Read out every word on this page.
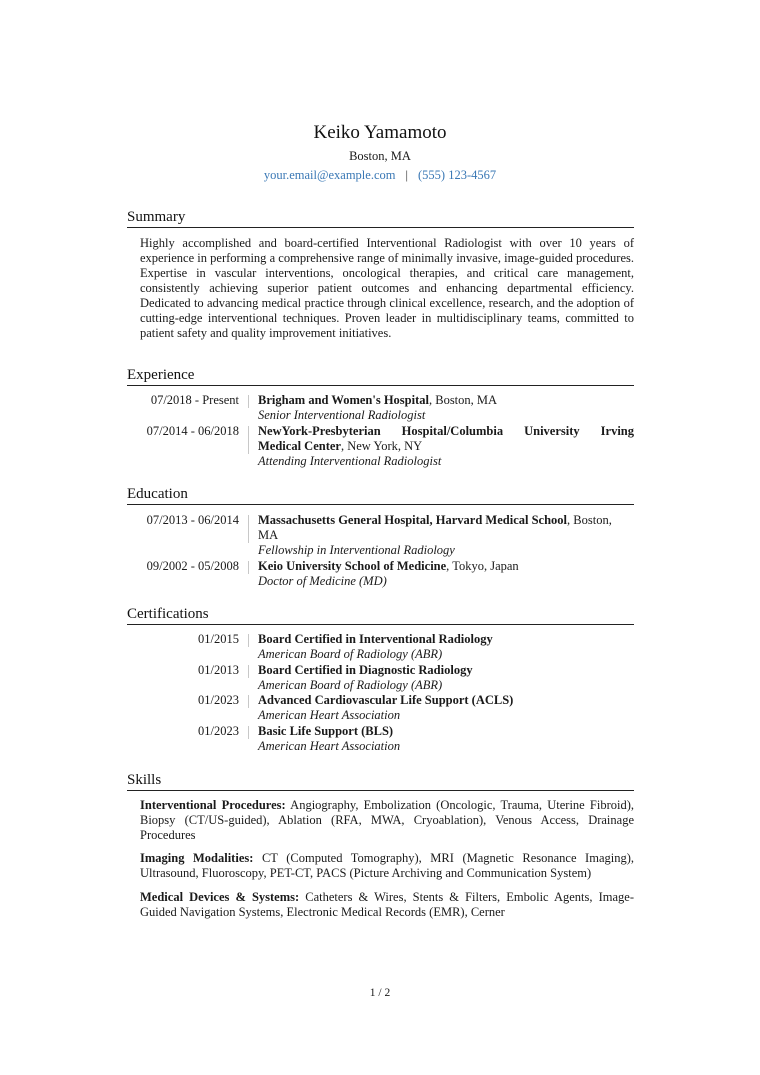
Keiko Yamamoto
Boston, MA
your.email@example.com | (555) 123-4567
Summary
Highly accomplished and board-certified Interventional Radiologist with over 10 years of experience in performing a comprehensive range of minimally invasive, image-guided procedures. Expertise in vascular interventions, oncological therapies, and critical care management, consistently achieving superior patient outcomes and enhancing departmental efficiency. Dedicated to advancing medical practice through clinical excellence, research, and the adoption of cutting-edge interventional techniques. Proven leader in multidisciplinary teams, committed to patient safety and quality improvement initiatives.
Experience
07/2018 - Present Brigham and Women's Hospital, Boston, MA
Senior Interventional Radiologist
07/2014 - 06/2018 NewYork-Presbyterian Hospital/Columbia University Irving
Medical Center, New York, NY
Attending Interventional Radiologist
Education
07/2013 - 06/2014 Massachusetts General Hospital, Harvard Medical School, Boston,
MA
Fellowship in Interventional Radiology
09/2002 - 05/2008 Keio University School of Medicine, Tokyo, Japan
Doctor of Medicine (MD)
Certifications
01/2015 Board Certified in Interventional Radiology
American Board of Radiology (ABR)
01/2013 Board Certified in Diagnostic Radiology
American Board of Radiology (ABR)
01/2023 Advanced Cardiovascular Life Support (ACLS)
American Heart Association
01/2023 Basic Life Support (BLS)
American Heart Association
Skills
Interventional Procedures: Angiography, Embolization (Oncologic, Trauma, Uterine Fibroid), Biopsy (CT/US-guided), Ablation (RFA, MWA, Cryoablation), Venous Access, Drainage Procedures
Imaging Modalities: CT (Computed Tomography), MRI (Magnetic Resonance Imaging), Ultrasound, Fluoroscopy, PET-CT, PACS (Picture Archiving and Communication System)
Medical Devices & Systems: Catheters & Wires, Stents & Filters, Embolic Agents, Image-Guided Navigation Systems, Electronic Medical Records (EMR), Cerner
1 / 2
